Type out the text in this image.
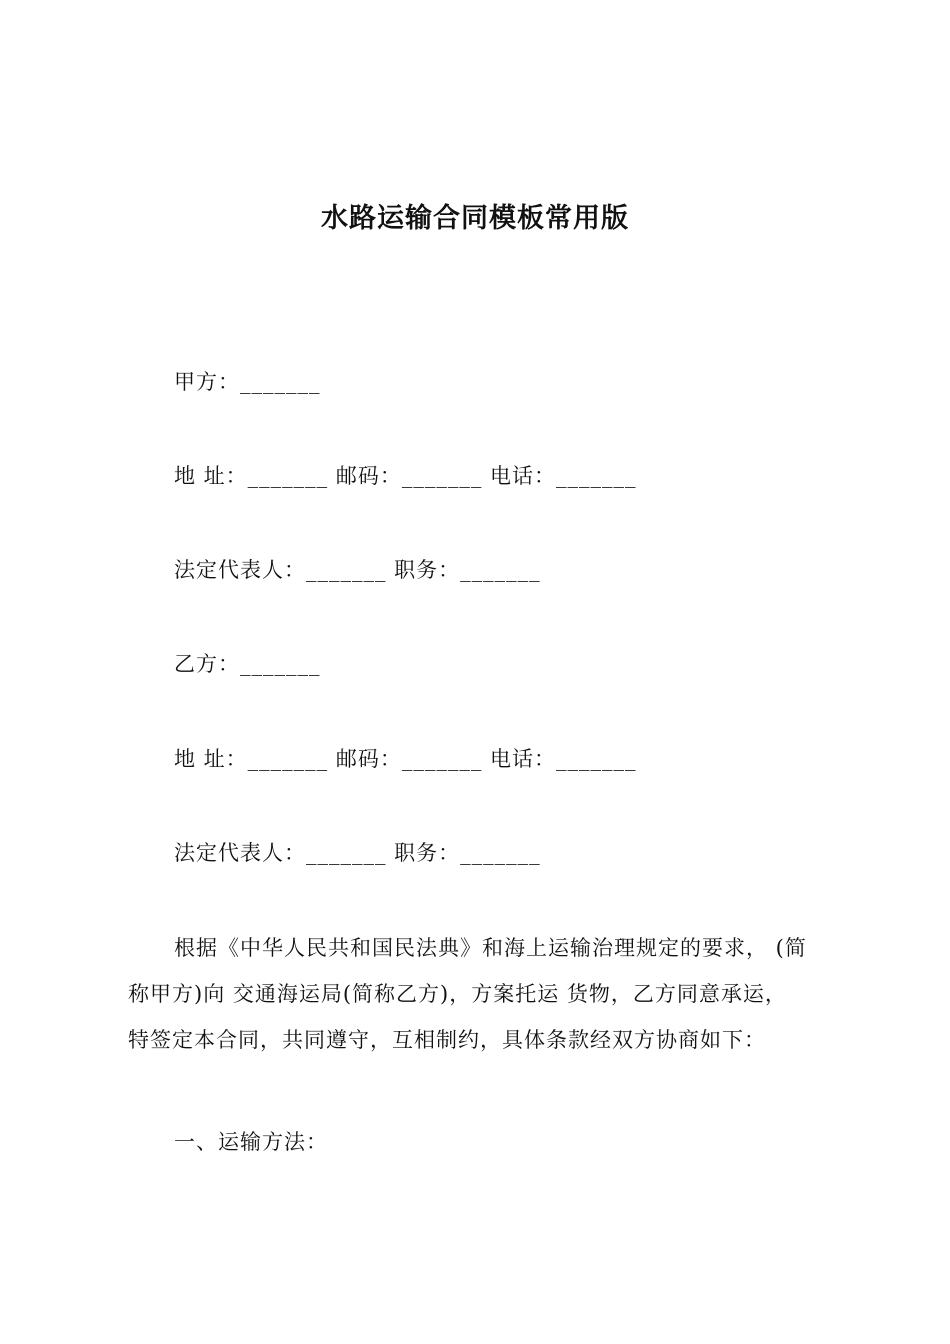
水路运输合同模板常用版
甲方：_______
地 址：_______ 邮码：_______ 电话：_______
法定代表人：_______ 职务：_______
乙方：_______
地 址：_______ 邮码：_______ 电话：_______
法定代表人：_______ 职务：_______

根据《中华人民共和国民法典》和海上运输治理规定的要求， (简

称甲方)向 交通海运局(简称乙方)，方案托运 货物，乙方同意承运，

特签定本合同，共同遵守，互相制约，具体条款经双方协商如下：

一、运输方法：
